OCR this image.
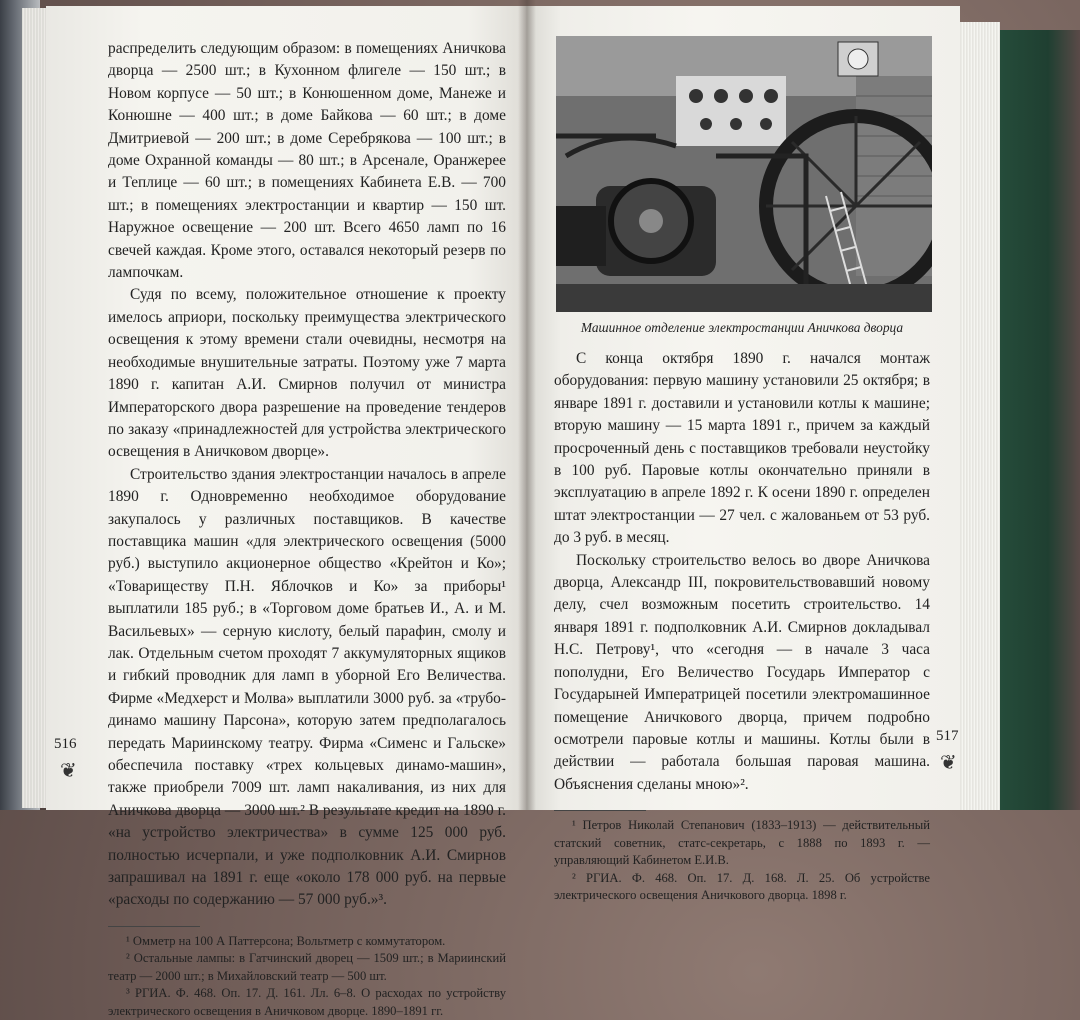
распределить следующим образом: в помещениях Аничкова дворца — 2500 шт.; в Кухонном флигеле — 150 шт.; в Новом корпусе — 50 шт.; в Конюшенном доме, Манеже и Конюшне — 400 шт.; в доме Байкова — 60 шт.; в доме Дмитриевой — 200 шт.; в доме Серебрякова — 100 шт.; в доме Охранной команды — 80 шт.; в Арсенале, Оранжерее и Теплице — 60 шт.; в помещениях Кабинета Е.В. — 700 шт.; в помещениях электростанции и квартир — 150 шт. Наружное освещение — 200 шт. Всего 4650 ламп по 16 свечей каждая. Кроме этого, оставался некоторый резерв по лампочкам.

Судя по всему, положительное отношение к проекту имелось априори, поскольку преимущества электрического освещения к этому времени стали очевидны, несмотря на необходимые внушительные затраты. Поэтому уже 7 марта 1890 г. капитан А.И. Смирнов получил от министра Императорского двора разрешение на проведение тендеров по заказу «принадлежностей для устройства электрического освещения в Аничковом дворце».

Строительство здания электростанции началось в апреле 1890 г. Одновременно необходимое оборудование закупалось у различных поставщиков. В качестве поставщика машин «для электрического освещения (5000 руб.) выступило акционерное общество «Крейтон и Ко»; «Товариществу П.Н. Яблочков и Ко» за приборы¹ выплатили 185 руб.; в «Торговом доме братьев И., А. и М. Васильевых» — серную кислоту, белый парафин, смолу и лак. Отдельным счетом проходят 7 аккумуляторных ящиков и гибкий проводник для ламп в уборной Его Величества. Фирме «Медхерст и Молва» выплатили 3000 руб. за «трубо-динамо машину Парсона», которую затем предполагалось передать Мариинскому театру. Фирма «Сименс и Гальске» обеспечила поставку «трех кольцевых динамо-машин», также приобрели 7009 шт. ламп накаливания, из них для Аничкова дворца — 3000 шт.² В результате кредит на 1890 г. «на устройство электричества» в сумме 125 000 руб. полностью исчерпали, и уже подполковник А.И. Смирнов запрашивал на 1891 г. еще «около 178 000 руб. на первые «расходы по содержанию — 57 000 руб.»³.

¹ Омметр на 100 А Паттерсона; Вольтметр с коммутатором.

² Остальные лампы: в Гатчинский дворец — 1509 шт.; в Мариинский театр — 2000 шт.; в Михайловский театр — 500 шт.

³ РГИА. Ф. 468. Оп. 17. Д. 161. Лл. 6–8. О расходах по устройству электрического освещения в Аничковом дворце. 1890–1891 гг.

516
❦
Машинное отделение электростанции Аничкова дворца

С конца октября 1890 г. начался монтаж оборудования: первую машину установили 25 октября; в январе 1891 г. доставили и установили котлы к машине; вторую машину — 15 марта 1891 г., причем за каждый просроченный день с поставщиков требовали неустойку в 100 руб. Паровые котлы окончательно приняли в эксплуатацию в апреле 1892 г. К осени 1890 г. определен штат электростанции — 27 чел. с жалованьем от 53 руб. до 3 руб. в месяц.

Поскольку строительство велось во дворе Аничкова дворца, Александр III, покровительствовавший новому делу, счел возможным посетить строительство. 14 января 1891 г. подполковник А.И. Смирнов докладывал Н.С. Петрову¹, что «сегодня — в начале 3 часа пополудни, Его Величество Государь Император с Государыней Императрицей посетили электромашинное помещение Аничкового дворца, причем подробно осмотрели паровые котлы и машины. Котлы были в действии — работала большая паровая машина. Объяснения сделаны мною»².

¹ Петров Николай Степанович (1833–1913) — действительный статский советник, статс-секретарь, с 1888 по 1893 г. — управляющий Кабинетом Е.И.В.

² РГИА. Ф. 468. Оп. 17. Д. 168. Л. 25. Об устройстве электрического освещения Аничкового дворца. 1898 г.

517
❦
